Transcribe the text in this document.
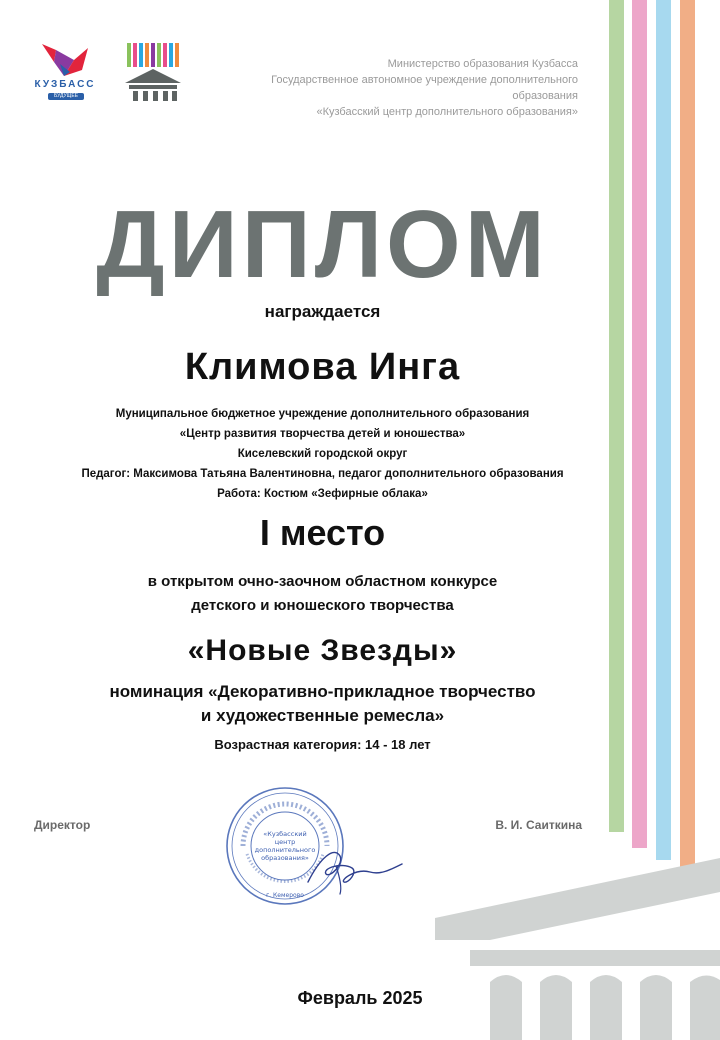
КУЗБАСС
БУДУЩЕЕ
Министерство образования Кузбасса
Государственное автономное учреждение дополнительного образования
«Кузбасский центр дополнительного образования»
ДИПЛОМ
награждается
Климова Инга
Муниципальное бюджетное учреждение дополнительного образования
«Центр развития творчества детей и юношества»
Киселевский городской округ
Педагог: Максимова Татьяна Валентиновна, педагог дополнительного образования
Работа: Костюм «Зефирные облака»
I место
в открытом очно-заочном областном конкурсе
детского и юношеского творчества
«Новые Звезды»
номинация «Декоративно-прикладное творчество
и художественные ремесла»
Возрастная категория: 14 - 18 лет
Директор	В. И. Саиткина
«Кузбасский
центр
дополнительного
образования»
г. Кемерово
Февраль 2025
